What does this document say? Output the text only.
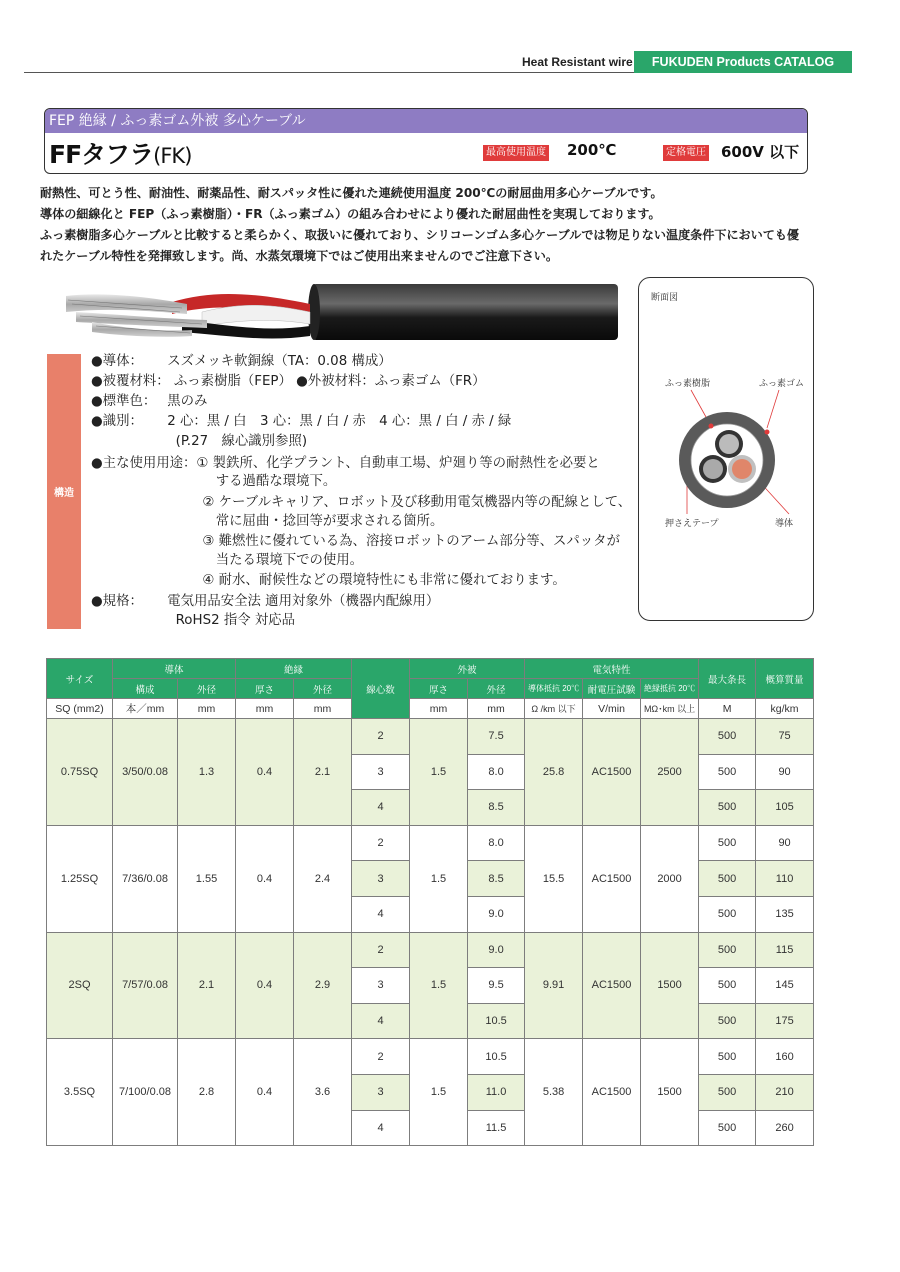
Heat Resistant wire	FUKUDEN Products CATALOG
FEP 絶縁 / ふっ素ゴム外被 多心ケーブル
FFタフラ(FK)	最高使用温度 200℃	定格電圧 600V 以下
耐熱性、可とう性、耐油性、耐薬品性、耐スパッタ性に優れた連続使用温度 200℃の耐屈曲用多心ケーブルです。
導体の細線化と FEP（ふっ素樹脂）・FR（ふっ素ゴム）の組み合わせにより優れた耐屈曲性を実現しております。
ふっ素樹脂多心ケーブルと比較すると柔らかく、取扱いに優れており、シリコーンゴム多心ケーブルでは物足りない温度条件下においても優
れたケーブル特性を発揮致します。尚、水蒸気環境下ではご使用出来ませんのでご注意下さい。
断面図
ふっ素樹脂	ふっ素ゴム
押さえテープ	導体
構造
●導体：　　 スズメッキ軟銅線（TA：0.08 構成）
●被覆材料： ふっ素樹脂（FEP） ●外被材料：ふっ素ゴム（FR）
●標準色：　 黒のみ
●識別：　　 2 心：黒 / 白　3 心：黒 / 白 / 赤　4 心：黒 / 白 / 赤 / 緑
　　　　　　 (P.27　線心識別参照)
●主な使用用途：① 製鉄所、化学プラント、自動車工場、炉廻り等の耐熱性を必要と
　　　　　　　　　 する過酷な環境下。
　　　　　　　　 ② ケーブルキャリア、ロボット及び移動用電気機器内等の配線として、
　　　　　　　　　 常に屈曲・捻回等が要求される箇所。
　　　　　　　　 ③ 難燃性に優れている為、溶接ロボットのアーム部分等、スパッタが
　　　　　　　　　 当たる環境下での使用。
　　　　　　　　 ④ 耐水、耐候性などの環境特性にも非常に優れております。
●規格：　　 電気用品安全法 適用対象外（機器内配線用）
　　　　　　 RoHS2 指令 対応品
サイズ	導体		絶縁		線心数	外被		電気特性			最大条長	概算質量
	構成	外径	厚さ	外径		厚さ	外径	導体抵抗 20℃	耐電圧試験	絶縁抵抗 20℃		
SQ (mm2)	本／mm	mm	mm	mm		mm	mm	Ω /km 以下	V/min	MΩ･km 以上	M	kg/km
0.75SQ	3/50/0.08	1.3	0.4	2.1	2	1.5	7.5	25.8	AC1500	2500	500	75
					3		8.0				500	90
					4		8.5				500	105
1.25SQ	7/36/0.08	1.55	0.4	2.4	2	1.5	8.0	15.5	AC1500	2000	500	90
					3		8.5				500	110
					4		9.0				500	135
2SQ	7/57/0.08	2.1	0.4	2.9	2	1.5	9.0	9.91	AC1500	1500	500	115
					3		9.5				500	145
					4		10.5				500	175
3.5SQ	7/100/0.08	2.8	0.4	3.6	2	1.5	10.5	5.38	AC1500	1500	500	160
					3		11.0				500	210
					4		11.5				500	260
